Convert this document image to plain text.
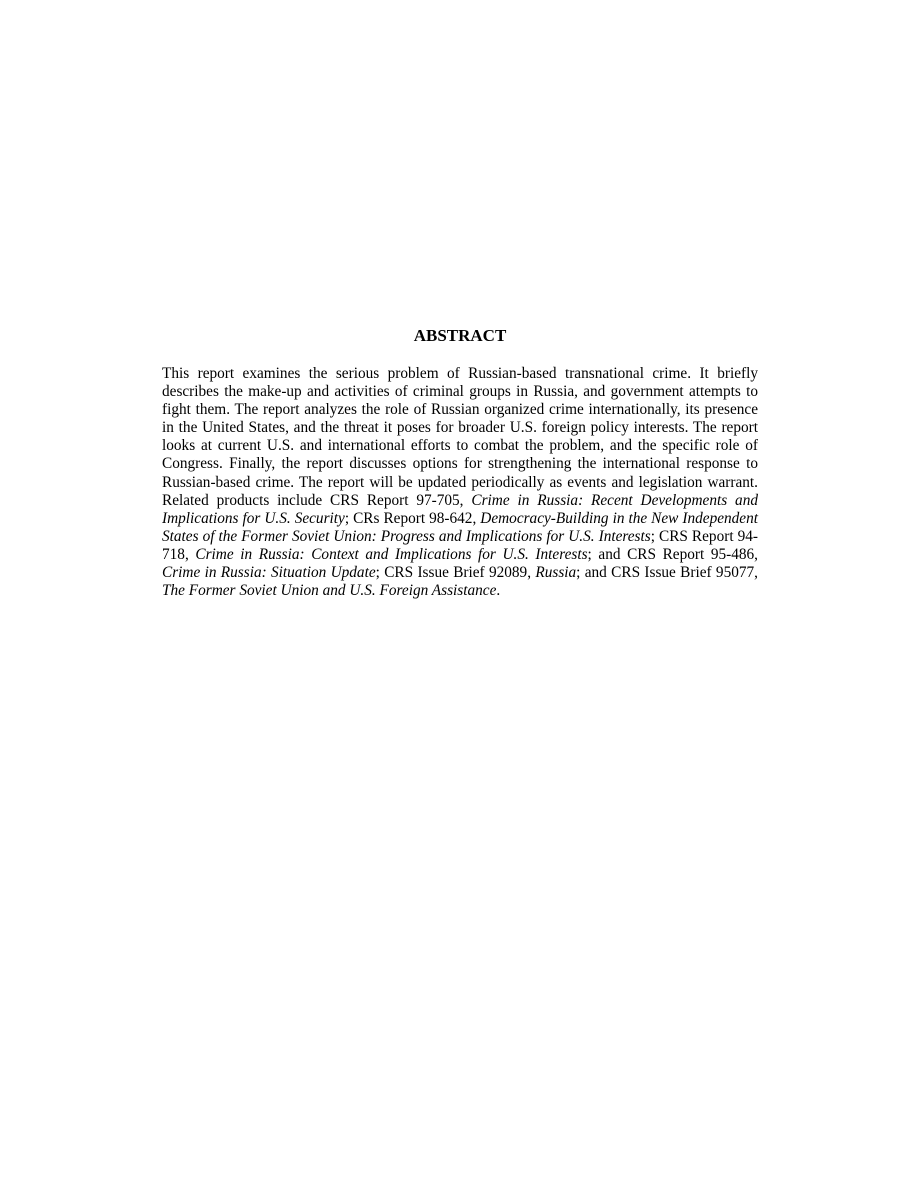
ABSTRACT

This report examines the serious problem of Russian-based transnational crime. It briefly describes the make-up and activities of criminal groups in Russia, and government attempts to fight them. The report analyzes the role of Russian organized crime internationally, its presence in the United States, and the threat it poses for broader U.S. foreign policy interests. The report looks at current U.S. and international efforts to combat the problem, and the specific role of Congress. Finally, the report discusses options for strengthening the international response to Russian-based crime. The report will be updated periodically as events and legislation warrant. Related products include CRS Report 97-705, Crime in Russia: Recent Developments and Implications for U.S. Security; CRs Report 98-642, Democracy-Building in the New Independent States of the Former Soviet Union: Progress and Implications for U.S. Interests; CRS Report 94-718, Crime in Russia: Context and Implications for U.S. Interests; and CRS Report 95-486, Crime in Russia: Situation Update; CRS Issue Brief 92089, Russia; and CRS Issue Brief 95077, The Former Soviet Union and U.S. Foreign Assistance.
